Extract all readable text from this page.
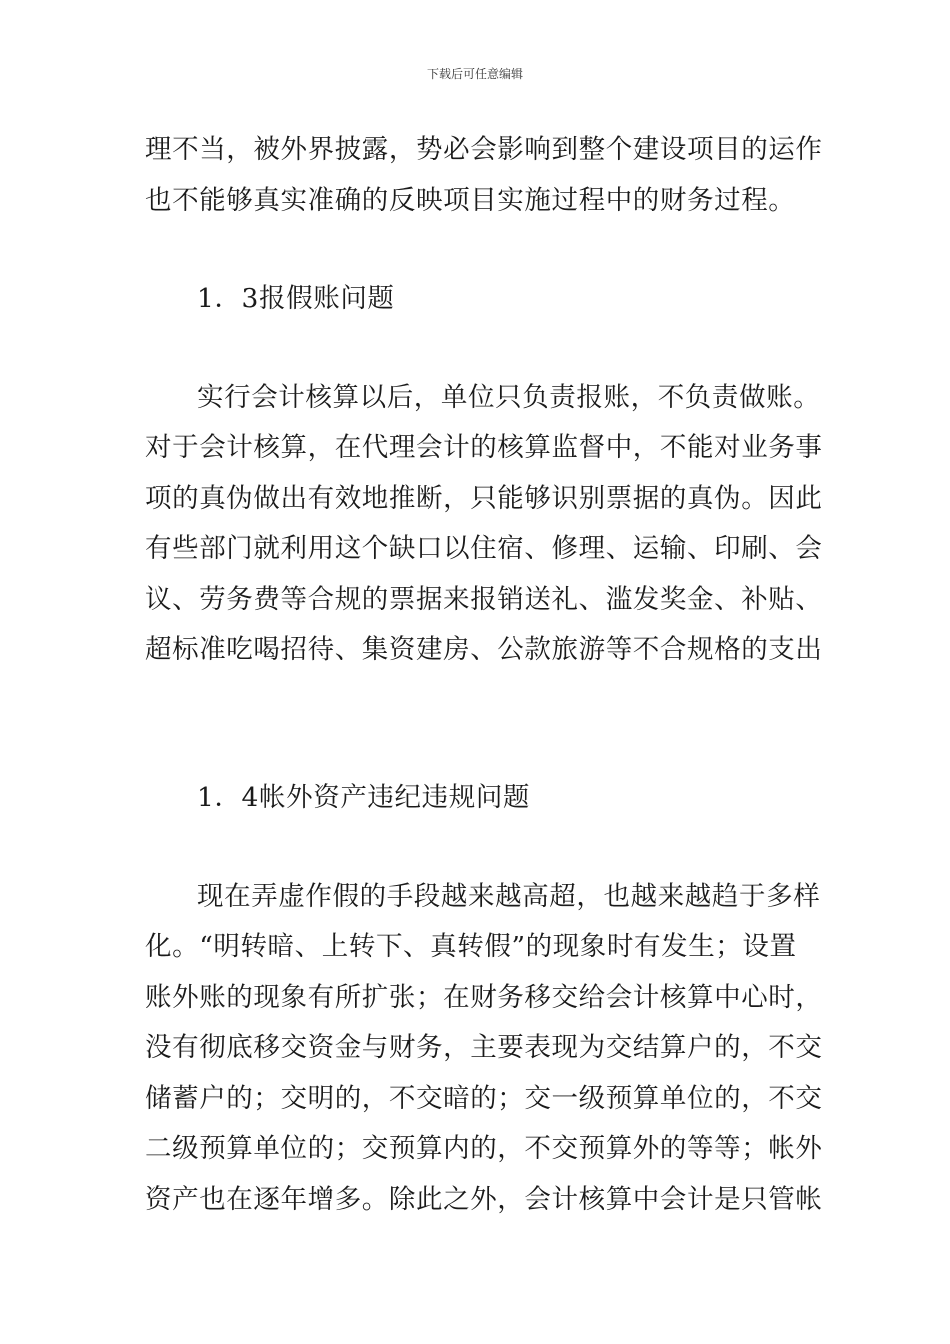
下载后可任意编辑
理不当，被外界披露，势必会影响到整个建设项目的运作
也不能够真实准确的反映项目实施过程中的财务过程。
1．3报假账问题
实行会计核算以后，单位只负责报账，不负责做账。
对于会计核算，在代理会计的核算监督中，不能对业务事
项的真伪做出有效地推断，只能够识别票据的真伪。因此
有些部门就利用这个缺口以住宿、修理、运输、印刷、会
议、劳务费等合规的票据来报销送礼、滥发奖金、补贴、
超标准吃喝招待、集资建房、公款旅游等不合规格的支出
1．4帐外资产违纪违规问题
现在弄虚作假的手段越来越高超，也越来越趋于多样
化。“明转暗、上转下、真转假”的现象时有发生；设置
账外账的现象有所扩张；在财务移交给会计核算中心时，
没有彻底移交资金与财务，主要表现为交结算户的，不交
储蓄户的；交明的，不交暗的；交一级预算单位的，不交
二级预算单位的；交预算内的，不交预算外的等等；帐外
资产也在逐年增多。除此之外，会计核算中会计是只管帐
